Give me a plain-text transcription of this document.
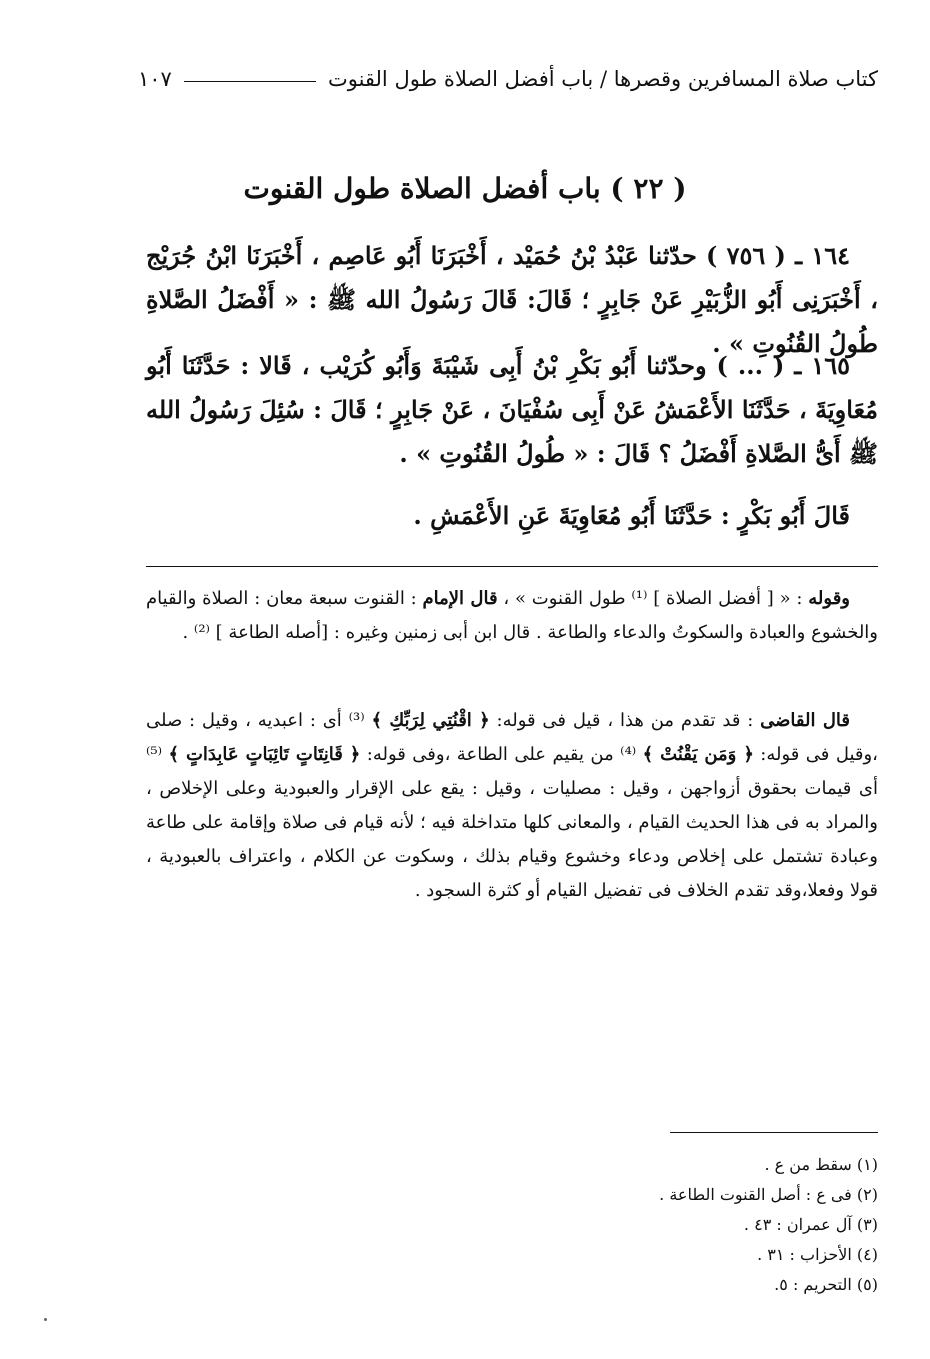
كتاب صلاة المسافرين وقصرها / باب أفضل الصلاة طول القنوت
١٠٧
( ٢٢ ) باب أفضل الصلاة طول القنوت

١٦٤ ـ ( ٧٥٦ ) حدّثنا عَبْدُ بْنُ حُمَيْد ، أَخْبَرَنَا أَبُو عَاصِم ، أَخْبَرَنَا ابْنُ جُرَيْج ، أَخْبَرَنِى أَبُو الزُّبَيْرِ عَنْ جَابِرٍ ؛ قَالَ: قَالَ رَسُولُ الله ﷺ : « أَفْضَلُ الصَّلاةِ طُولُ القُنُوتِ » .

١٦٥ ـ ( ... ) وحدّثنا أَبُو بَكْرِ بْنُ أَبِى شَيْبَةَ وَأَبُو كُرَيْب ، قَالا : حَدَّثَنَا أَبُو مُعَاوِيَةَ ، حَدَّثَنَا الأَعْمَشُ عَنْ أَبِى سُفْيَانَ ، عَنْ جَابِرٍ ؛ قَالَ : سُئِلَ رَسُولُ الله ﷺ أَىُّ الصَّلاةِ أَفْضَلُ ؟ قَالَ : « طُولُ القُنُوتِ » .

قَالَ أَبُو بَكْرٍ : حَدَّثَنَا أَبُو مُعَاوِيَةَ عَنِ الأَعْمَشِ .

وقوله : « [ أفضل الصلاة ] ⁽¹⁾ طول القنوت » ، قال الإمام : القنوت سبعة معان : الصلاة والقيام والخشوع والعبادة والسكوتُ والدعاء والطاعة . قال ابن أبى زمنين وغيره : [أصله الطاعة ] ⁽²⁾ .

قال القاضى : قد تقدم من هذا ، قيل فى قوله: ﴿ اقْنُتِي لِرَبِّكِ ﴾ ⁽³⁾ أى : اعبديه ، وقيل : صلى ،وقيل فى قوله: ﴿ وَمَن يَقْنُتْ ﴾ ⁽⁴⁾ من يقيم على الطاعة ،وفى قوله: ﴿ قَانِتَاتٍ تَائِبَاتٍ عَابِدَاتٍ ﴾ ⁽⁵⁾ أى قيمات بحقوق أزواجهن ، وقيل : مصليات ، وقيل : يقع على الإقرار والعبودية وعلى الإخلاص ، والمراد به فى هذا الحديث القيام ، والمعانى كلها متداخلة فيه ؛ لأنه قيام فى صلاة وإقامة على طاعة وعبادة تشتمل على إخلاص ودعاء وخشوع وقيام بذلك ، وسكوت عن الكلام ، واعتراف بالعبودية ، قولا وفعلا،وقد تقدم الخلاف فى تفضيل القيام أو كثرة السجود .

(١) سقط من ع .
(٢) فى ع : أصل القنوت الطاعة .
(٣) آل عمران : ٤٣ .
(٤) الأحزاب : ٣١ .
(٥) التحريم : ٥.
